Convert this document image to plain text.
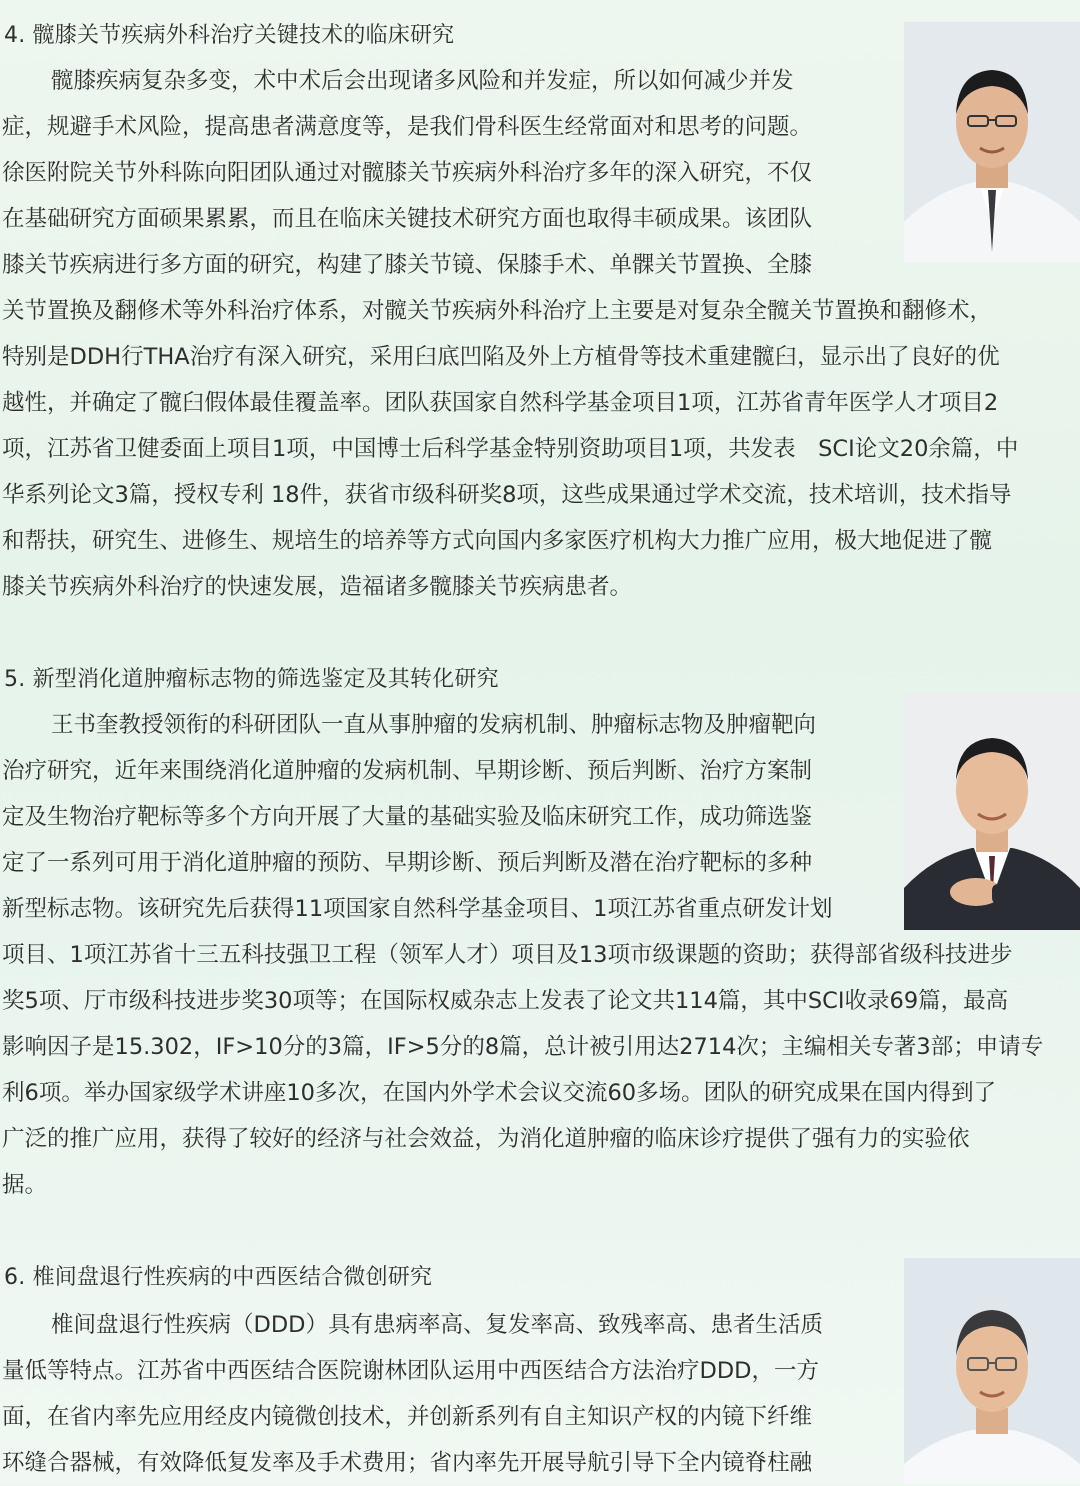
4. 髋膝关节疾病外科治疗关键技术的临床研究
髋膝疾病复杂多变，术中术后会出现诸多风险和并发症，所以如何减少并发
症，规避手术风险，提高患者满意度等，是我们骨科医生经常面对和思考的问题。
徐医附院关节外科陈向阳团队通过对髋膝关节疾病外科治疗多年的深入研究，不仅
在基础研究方面硕果累累，而且在临床关键技术研究方面也取得丰硕成果。该团队
膝关节疾病进行多方面的研究，构建了膝关节镜、保膝手术、单髁关节置换、全膝
关节置换及翻修术等外科治疗体系，对髋关节疾病外科治疗上主要是对复杂全髋关节置换和翻修术，
特别是DDH行THA治疗有深入研究，采用臼底凹陷及外上方植骨等技术重建髋臼，显示出了良好的优
越性，并确定了髋臼假体最佳覆盖率。团队获国家自然科学基金项目1项，江苏省青年医学人才项目2
项，江苏省卫健委面上项目1项，中国博士后科学基金特别资助项目1项，共发表　SCI论文20余篇，中
华系列论文3篇，授权专利 18件，获省市级科研奖8项，这些成果通过学术交流，技术培训，技术指导
和帮扶，研究生、进修生、规培生的培养等方式向国内多家医疗机构大力推广应用，极大地促进了髋
膝关节疾病外科治疗的快速发展，造福诸多髋膝关节疾病患者。
5. 新型消化道肿瘤标志物的筛选鉴定及其转化研究
王书奎教授领衔的科研团队一直从事肿瘤的发病机制、肿瘤标志物及肿瘤靶向
治疗研究，近年来围绕消化道肿瘤的发病机制、早期诊断、预后判断、治疗方案制
定及生物治疗靶标等多个方向开展了大量的基础实验及临床研究工作，成功筛选鉴
定了一系列可用于消化道肿瘤的预防、早期诊断、预后判断及潜在治疗靶标的多种
新型标志物。该研究先后获得11项国家自然科学基金项目、1项江苏省重点研发计划
项目、1项江苏省十三五科技强卫工程（领军人才）项目及13项市级课题的资助；获得部省级科技进步
奖5项、厅市级科技进步奖30项等；在国际权威杂志上发表了论文共114篇，其中SCI收录69篇，最高
影响因子是15.302，IF>10分的3篇，IF>5分的8篇，总计被引用达2714次；主编相关专著3部；申请专
利6项。举办国家级学术讲座10多次，在国内外学术会议交流60多场。团队的研究成果在国内得到了
广泛的推广应用，获得了较好的经济与社会效益，为消化道肿瘤的临床诊疗提供了强有力的实验依
据。
6. 椎间盘退行性疾病的中西医结合微创研究
椎间盘退行性疾病（DDD）具有患病率高、复发率高、致残率高、患者生活质
量低等特点。江苏省中西医结合医院谢林团队运用中西医结合方法治疗DDD，一方
面，在省内率先应用经皮内镜微创技术，并创新系列有自主知识产权的内镜下纤维
环缝合器械，有效降低复发率及手术费用；省内率先开展导航引导下全内镜脊柱融
